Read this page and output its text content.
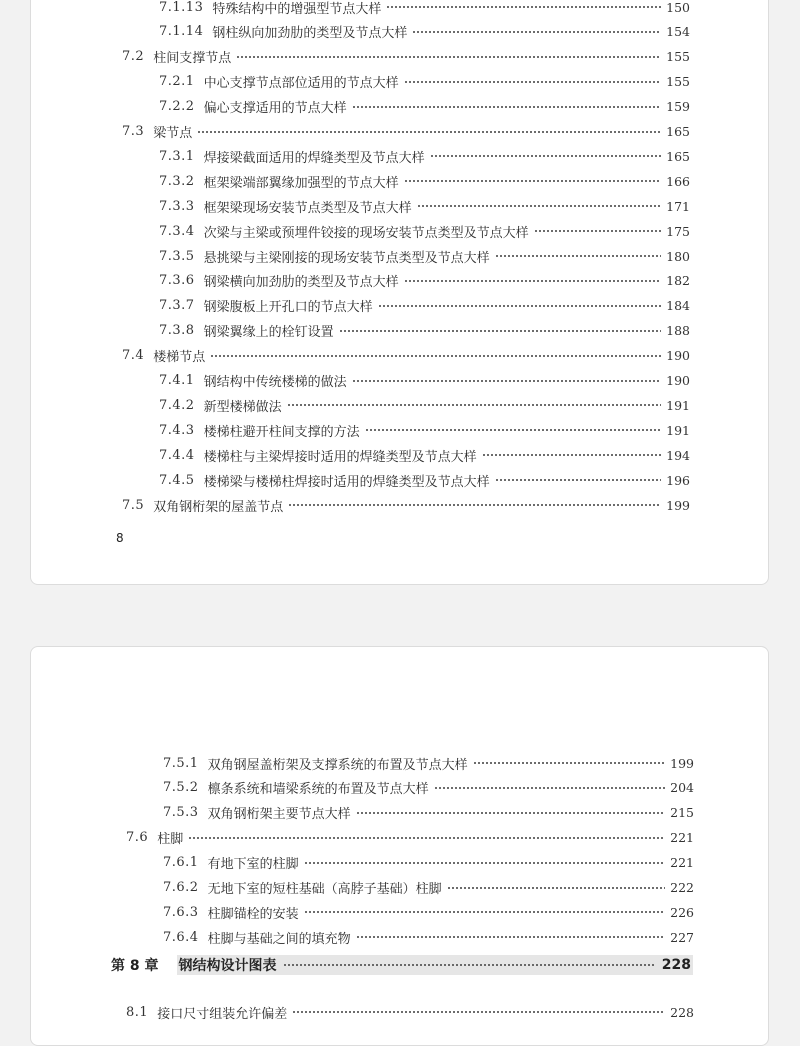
7.1.13 特殊结构中的增强型节点大样	150
7.1.14 钢柱纵向加劲肋的类型及节点大样	154
7.2 柱间支撑节点	155
7.2.1 中心支撑节点部位适用的节点大样	155
7.2.2 偏心支撑适用的节点大样	159
7.3 梁节点	165
7.3.1 焊接梁截面适用的焊缝类型及节点大样	165
7.3.2 框架梁端部翼缘加强型的节点大样	166
7.3.3 框架梁现场安装节点类型及节点大样	171
7.3.4 次梁与主梁或预埋件铰接的现场安装节点类型及节点大样	175
7.3.5 悬挑梁与主梁刚接的现场安装节点类型及节点大样	180
7.3.6 钢梁横向加劲肋的类型及节点大样	182
7.3.7 钢梁腹板上开孔口的节点大样	184
7.3.8 钢梁翼缘上的栓钉设置	188
7.4 楼梯节点	190
7.4.1 钢结构中传统楼梯的做法	190
7.4.2 新型楼梯做法	191
7.4.3 楼梯柱避开柱间支撑的方法	191
7.4.4 楼梯柱与主梁焊接时适用的焊缝类型及节点大样	194
7.4.5 楼梯梁与楼梯柱焊接时适用的焊缝类型及节点大样	196
7.5 双角钢桁架的屋盖节点	199
8
7.5.1 双角钢屋盖桁架及支撑系统的布置及节点大样	199
7.5.2 檩条系统和墙梁系统的布置及节点大样	204
7.5.3 双角钢桁架主要节点大样	215
7.6 柱脚	221
7.6.1 有地下室的柱脚	221
7.6.2 无地下室的短柱基础（高脖子基础）柱脚	222
7.6.3 柱脚锚栓的安装	226
7.6.4 柱脚与基础之间的填充物	227
第 8 章 钢结构设计图表	228
8.1 接口尺寸组装允许偏差	228
